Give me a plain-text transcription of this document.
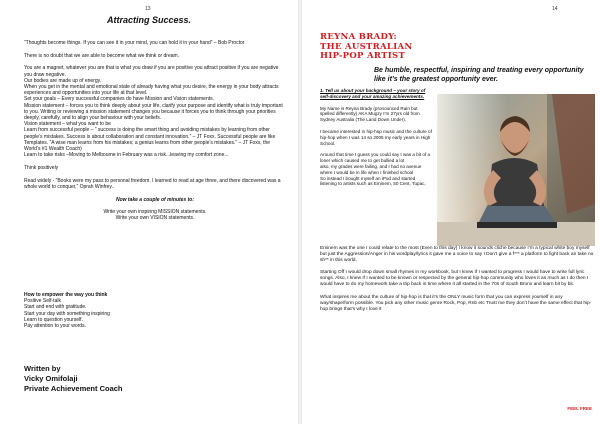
13
Attracting Success.

“Thoughts become things. If you can see it in your mind, you can hold it in your hand” – Bob Proctor

There is no doubt that we are able to become what we think or dream.

You are a magnet, whatever you are that is what you draw if you are positive you attract positive if you are negative you draw negative.

Our bodies are made up of energy.

When you get in the mental and emotional state of already having what you desire, the energy in your body attracts experiences and opportunities into your life at that level.

Set your goals – Every successful companies do have Mission and Vision statements.

Mission statement – forces you to think deeply about your life, clarify your purpose and identify what is truly important to you. Writing or reviewing a mission statement changes you because it forces you to think through your priorities deeply, carefully, and to align your behaviour with your beliefs.

Vision statement – what you want to be

Learn from successful people – “ success is doing the smart thing and avoiding mistakes by learning from other people’s mistakes. Success is about collaboration and constant innovation.” – JT Foxx. Successful people are like Templates. “A wise man learns from his mistakes; a genius learns from other people’s mistakes.” – JT Foxx, the World’s #1 Wealth Coach)

Learn to take risks –Moving to Melbourne in February was a risk...leaving my comfort zone...

Think positively

Read widely - “Books were my pass to personal freedom. I learned to read at age three, and there discovered was a whole world to conquer,” Oprah Winfrey..

Now take a couple of minutes to:

Write your own inspiring MISSION statements.

Write your own VISION statements.

How to empower the way you think
Positive Self-talk
Start and end with gratitude.
Start your day with something inspiring
Learn to question yourself.
Pay attention to your words.
Written by
Vicky Omifolaji
Private Achievement Coach
14
REYNA BRADY:
THE AUSTRALIAN
HIP-POP ARTIST
Be humble, respectful, inspiring and treating every opportunity like it’s the greatest opportunity ever.
1. Tell us about your background – your story of self-discovery and your amazing achievements.

My Name is Reyna Brady (pronounced Rain but spelled differently) AKA Mugzy I’m 27yrs old from Sydney Australia (The Land Down Under).

I became interested in hip-hop music and the culture of hip-hop when I was 14 so 2005 my early years in High School.

Around that time I guess you could say I was a bit of a loner which caused me to get bullied a lot

also, my grades were failing, and I had no avenue where I would be in life when I finished school

So instead I bought myself an iPod and started listening to artists such as Eminem, 50 Cent, Tupac,

Eminem was the one I could relate to the most (Even to this day) I know it sounds cliche because I’m a typical white boy myself but just the Aggression/Anger in his wordplay/lyrics it gave me a voice to say I Don’t give a f*** a platform to fight back an take no sh** in this world.

Starting Off I would drop down small rhymes in my workbook, but I knew If I wanted to progress I would have to write full lyric songs. Also, I knew If I wanted to be known or respected by the general hip-hop community who loves it as much as I do then I would have to do my homework take a trip back in time where it all started in the 70s of South Bronx and learn bit by bit.

What inspires me about the culture of hip-hop is that it’s the ONLY music form that you can express yourself in any way/shape/form possible. You pick any other music genre Rock, Pop, Rnb etc Trust me they don’t have the same effect that hip-hop brings that’s why I love it

FEEL FREE
